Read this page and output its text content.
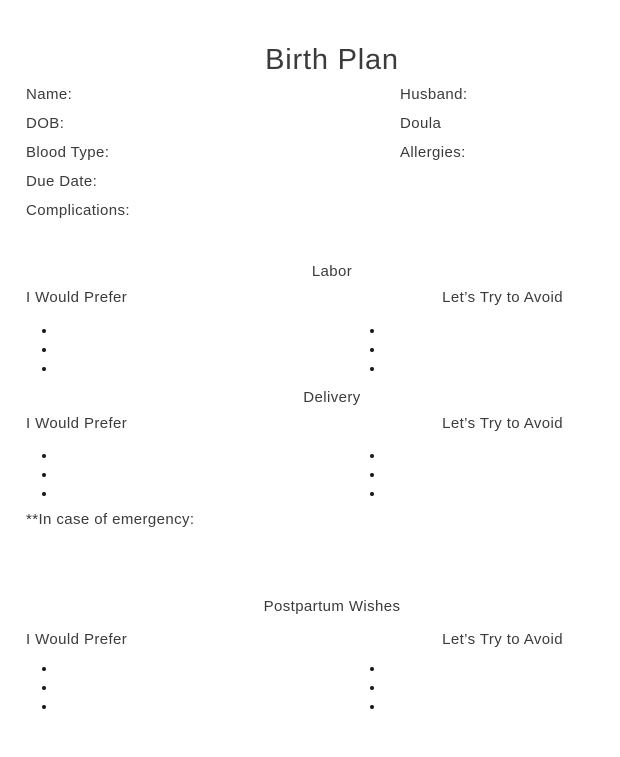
Birth Plan
Name:
DOB:
Blood Type:
Due Date:
Complications:
Husband:
Doula
Allergies:
Labor
I Would Prefer	Let’s Try to Avoid
Delivery
I Would Prefer	Let’s Try to Avoid
**In case of emergency:
Postpartum Wishes
I Would Prefer	Let’s Try to Avoid
